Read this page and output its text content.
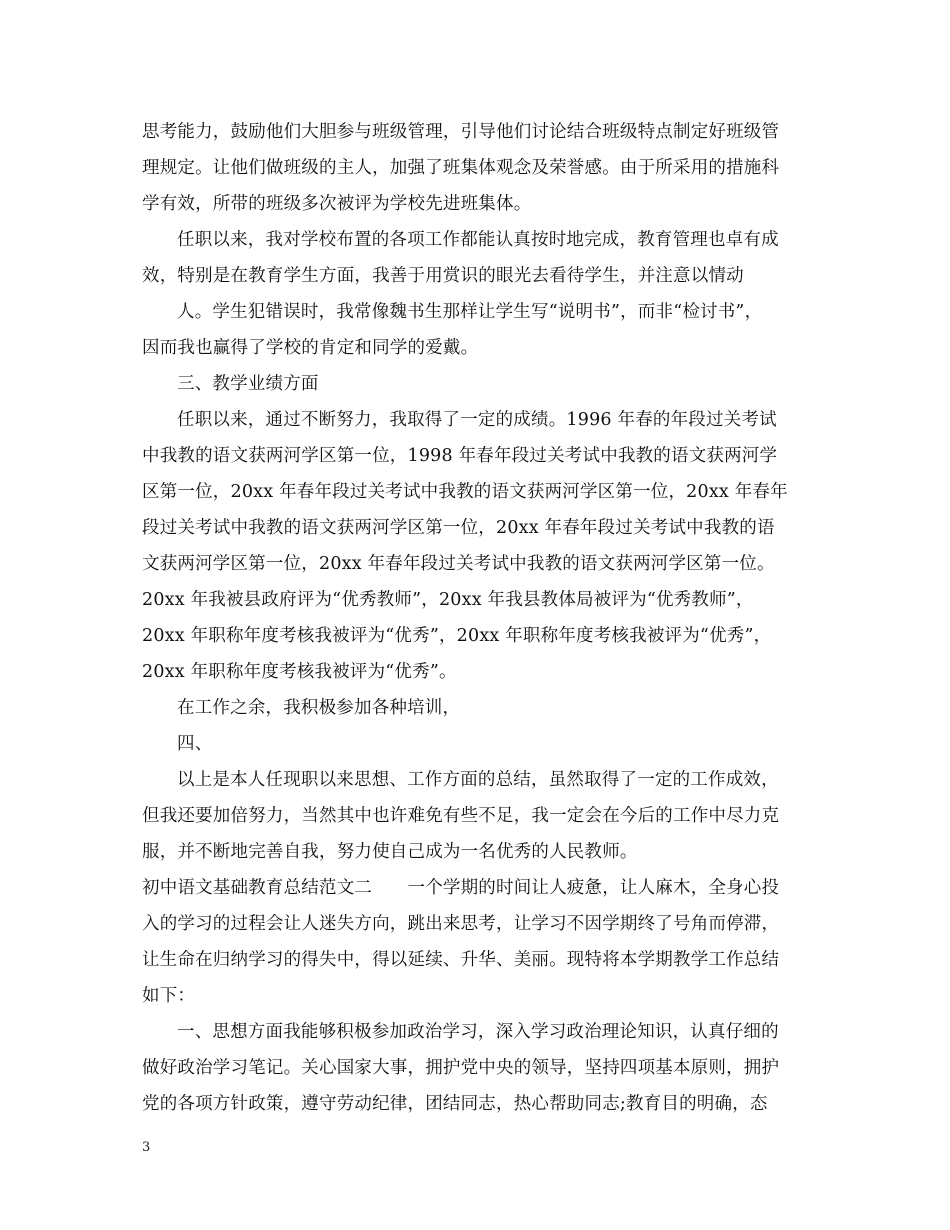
思考能力，鼓励他们大胆参与班级管理，引导他们讨论结合班级特点制定好班级管
理规定。让他们做班级的主人，加强了班集体观念及荣誉感。由于所采用的措施科
学有效，所带的班级多次被评为学校先进班集体。
任职以来，我对学校布置的各项工作都能认真按时地完成，教育管理也卓有成
效，特别是在教育学生方面，我善于用赏识的眼光去看待学生，并注意以情动
人。学生犯错误时，我常像魏书生那样让学生写“说明书”，而非“检讨书”，
因而我也赢得了学校的肯定和同学的爱戴。
三、教学业绩方面
任职以来，通过不断努力，我取得了一定的成绩。1996 年春的年段过关考试
中我教的语文获两河学区第一位，1998 年春年段过关考试中我教的语文获两河学
区第一位，20xx 年春年段过关考试中我教的语文获两河学区第一位，20xx 年春年
段过关考试中我教的语文获两河学区第一位，20xx 年春年段过关考试中我教的语
文获两河学区第一位，20xx 年春年段过关考试中我教的语文获两河学区第一位。
20xx 年我被县政府评为“优秀教师”，20xx 年我县教体局被评为“优秀教师”，
20xx 年职称年度考核我被评为“优秀”，20xx 年职称年度考核我被评为“优秀”，
20xx 年职称年度考核我被评为“优秀”。
在工作之余，我积极参加各种培训，
四、
以上是本人任现职以来思想、工作方面的总结，虽然取得了一定的工作成效，
但我还要加倍努力，当然其中也许难免有些不足，我一定会在今后的工作中尽力克
服，并不断地完善自我，努力使自己成为一名优秀的人民教师。
初中语文基础教育总结范文二　　一个学期的时间让人疲惫，让人麻木，全身心投
入的学习的过程会让人迷失方向，跳出来思考，让学习不因学期终了号角而停滞，
让生命在归纳学习的得失中，得以延续、升华、美丽。现特将本学期教学工作总结
如下：
一、思想方面我能够积极参加政治学习，深入学习政治理论知识，认真仔细的
做好政治学习笔记。关心国家大事，拥护党中央的领导，坚持四项基本原则，拥护
党的各项方针政策，遵守劳动纪律，团结同志，热心帮助同志;教育目的明确，态
3
